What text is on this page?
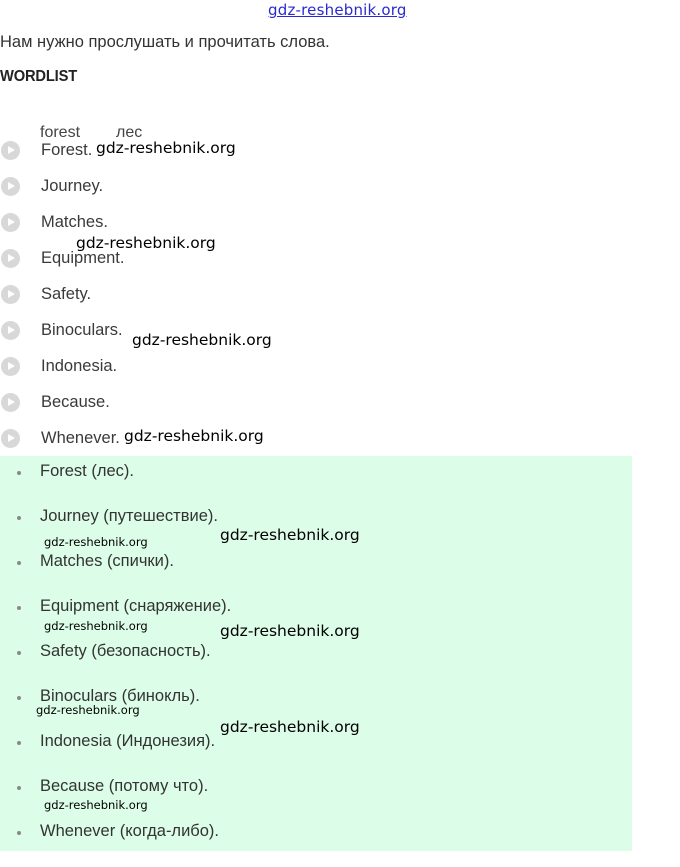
gdz-reshebnik.org
Нам нужно прослушать и прочитать слова.
WORDLIST
forest лес
Forest.
Journey.
Matches.
Equipment.
Safety.
Binoculars.
Indonesia.
Because.
Whenever.
Forest (лес).
Journey (путешествие).
Matches (спички).
Equipment (снаряжение).
Safety (безопасность).
Binoculars (бинокль).
Indonesia (Индонезия).
Because (потому что).
Whenever (когда-либо).
gdz-reshebnik.org
gdz-reshebnik.org
gdz-reshebnik.org
gdz-reshebnik.org
gdz-reshebnik.org
gdz-reshebnik.org
gdz-reshebnik.org
gdz-reshebnik.org
gdz-reshebnik.org
gdz-reshebnik.org
gdz-reshebnik.org
